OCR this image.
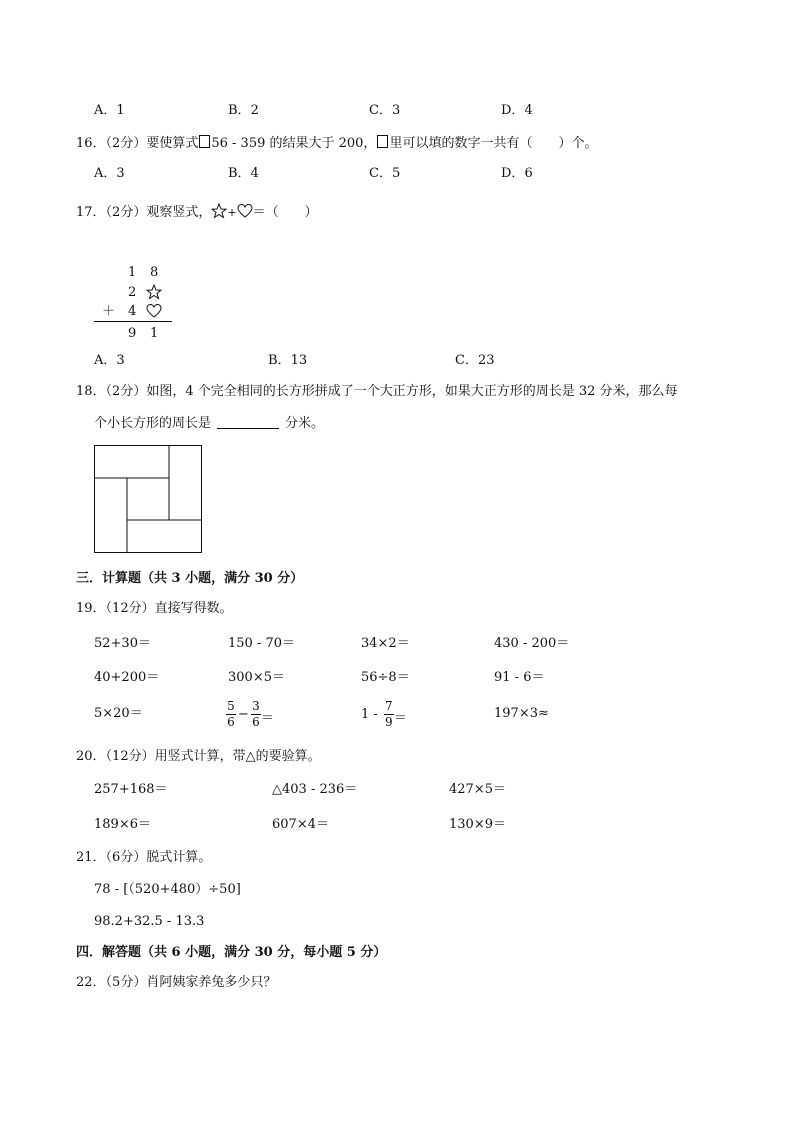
A．1	B．2	C．3	D．4
16．（2分）要使算式 56 - 359 的结果大于 200， 里可以填的数字一共有（　　）个。
A．3	B．4	C．5	D．6
17．（2分）观察竖式， + ＝（　　）
1 8
2
＋ 4
9 1
A．3	B．13	C．23
18．（2分）如图，4 个完全相同的长方形拼成了一个大正方形，如果大正方形的周长是 32 分米，那么每
个小长方形的周长是	分米。
三．计算题（共 3 小题，满分 30 分）
19．（12分）直接写得数。
52+30＝	150 - 70＝	34×2＝	430 - 200＝
40+200＝	300×5＝	56÷8＝	91 - 6＝
5×20＝	$\frac{5}{6} - \frac{3}{6}$ ＝	$1 - \frac{7}{9}$ ＝	197×3≈
20．（12分）用竖式计算，带△的要验算。
257+168＝	△403 - 236＝	427×5＝
189×6＝	607×4＝	130×9＝
21．（6分）脱式计算。
78 - [（520+480）÷50]
98.2+32.5 - 13.3
四．解答题（共 6 小题，满分 30 分，每小题 5 分）
22．（5分）肖阿姨家养兔多少只？
